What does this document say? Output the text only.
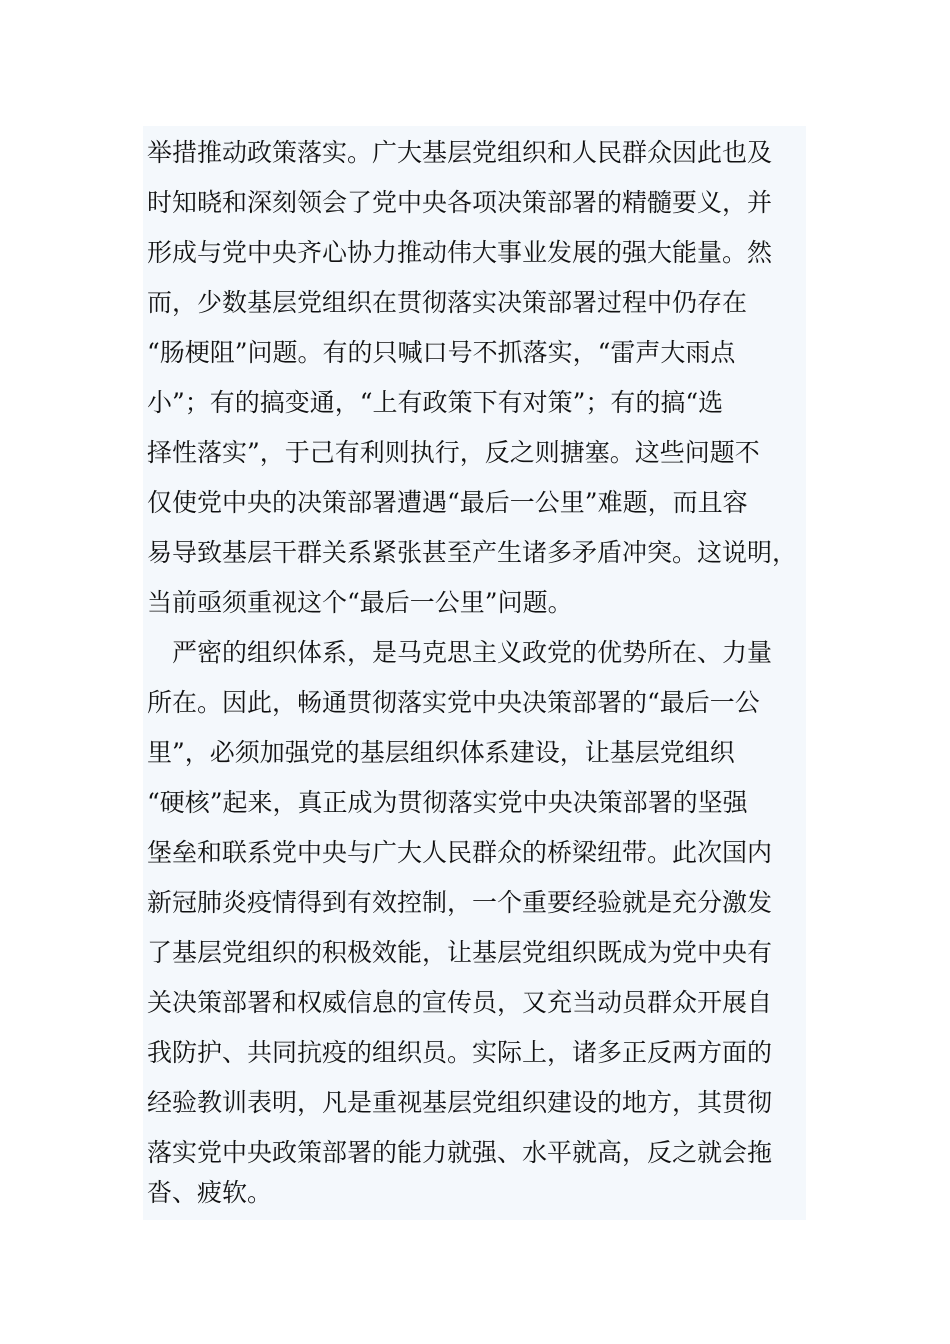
举措推动政策落实。广大基层党组织和人民群众因此也及
时知晓和深刻领会了党中央各项决策部署的精髓要义，并
形成与党中央齐心协力推动伟大事业发展的强大能量。然
而，少数基层党组织在贯彻落实决策部署过程中仍存在
“肠梗阻”问题。有的只喊口号不抓落实，“雷声大雨点
小”；有的搞变通，“上有政策下有对策”；有的搞“选
择性落实”，于己有利则执行，反之则搪塞。这些问题不
仅使党中央的决策部署遭遇“最后一公里”难题，而且容
易导致基层干群关系紧张甚至产生诸多矛盾冲突。这说明，
当前亟须重视这个“最后一公里”问题。
　严密的组织体系，是马克思主义政党的优势所在、力量
所在。因此，畅通贯彻落实党中央决策部署的“最后一公
里”，必须加强党的基层组织体系建设，让基层党组织
“硬核”起来，真正成为贯彻落实党中央决策部署的坚强
堡垒和联系党中央与广大人民群众的桥梁纽带。此次国内
新冠肺炎疫情得到有效控制，一个重要经验就是充分激发
了基层党组织的积极效能，让基层党组织既成为党中央有
关决策部署和权威信息的宣传员，又充当动员群众开展自
我防护、共同抗疫的组织员。实际上，诸多正反两方面的
经验教训表明，凡是重视基层党组织建设的地方，其贯彻
落实党中央政策部署的能力就强、水平就高，反之就会拖
沓、疲软。
